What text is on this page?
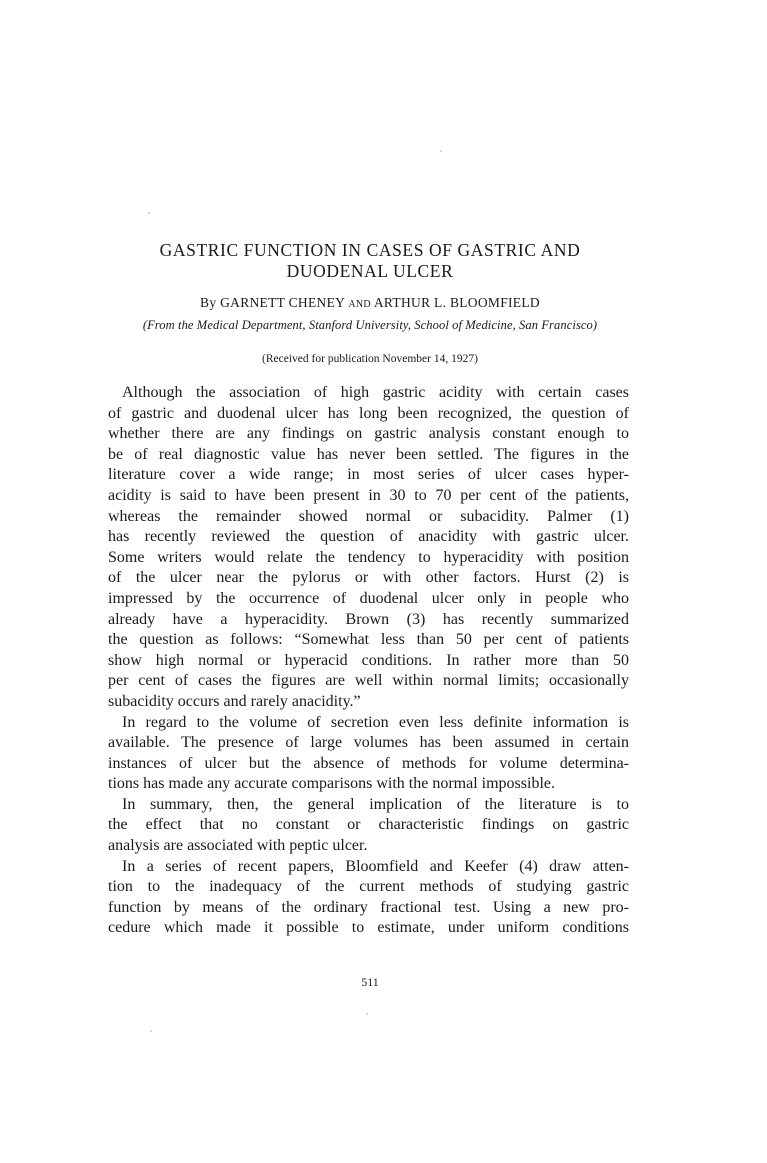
GASTRIC FUNCTION IN CASES OF GASTRIC AND
DUODENAL ULCER
By GARNETT CHENEY AND ARTHUR L. BLOOMFIELD
(From the Medical Department, Stanford University, School of Medicine, San Francisco)
(Received for publication November 14, 1927)

Although the association of high gastric acidity with certain cases
of gastric and duodenal ulcer has long been recognized, the question of
whether there are any findings on gastric analysis constant enough to
be of real diagnostic value has never been settled. The figures in the
literature cover a wide range; in most series of ulcer cases hyper-
acidity is said to have been present in 30 to 70 per cent of the patients,
whereas the remainder showed normal or subacidity. Palmer (1)
has recently reviewed the question of anacidity with gastric ulcer.
Some writers would relate the tendency to hyperacidity with position
of the ulcer near the pylorus or with other factors. Hurst (2) is
impressed by the occurrence of duodenal ulcer only in people who
already have a hyperacidity. Brown (3) has recently summarized
the question as follows: “Somewhat less than 50 per cent of patients
show high normal or hyperacid conditions. In rather more than 50
per cent of cases the figures are well within normal limits; occasionally
subacidity occurs and rarely anacidity.”

In regard to the volume of secretion even less definite information is
available. The presence of large volumes has been assumed in certain
instances of ulcer but the absence of methods for volume determina-
tions has made any accurate comparisons with the normal impossible.

In summary, then, the general implication of the literature is to
the effect that no constant or characteristic findings on gastric
analysis are associated with peptic ulcer.

In a series of recent papers, Bloomfield and Keefer (4) draw atten-
tion to the inadequacy of the current methods of studying gastric
function by means of the ordinary fractional test. Using a new pro-
cedure which made it possible to estimate, under uniform conditions

511
